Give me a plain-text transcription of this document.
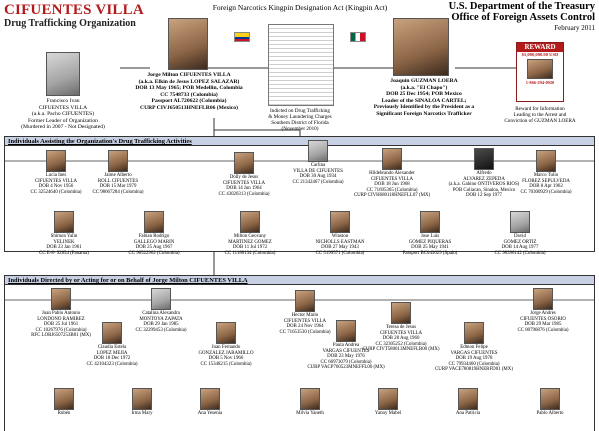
CIFUENTES VILLA
Drug Trafficking Organization
Foreign Narcotics Kingpin Designation Act (Kingpin Act)	U.S. Department of the Treasury
Office of Foreign Assets Control
February 2011
Francisco Ivan
CIFUENTES VILLA
(a.k.a. Pacho CIFUENTES)
Former Leader of Organization
(Murdered in 2007 - Not Designated)
Jorge Milton CIFUENTES VILLA
(a.k.a. Elkin de Jesus LOPEZ SALAZAR)
DOB 13 May 1965; POB Medellin, Colombia
CC 7548733 (Colombia)
Passport AL720622 (Colombia)
CURP CIVJ650513HNEFLR06 (Mexico)
Indicted on Drug Trafficking
& Money Laundering Charges
Southern District of Florida
(November 2010)
Joaquin GUZMAN LOERA
(a.k.a. "El Chapo")
DOB 25 Dec 1954; POB Mexico
Leader of the SINALOA CARTEL;
Previously Identified by the President as a
Significant Foreign Narcotics Trafficker
REWARD
$5,000,000.00 USD
1-866-294-0920
Reward for Information
Leading to the Arrest and
Conviction of GUZMAN LOERA
Individuals Assisting the Organization's Drug Trafficking Activities
Lucia Ines
CIFUENTES VILLA
DOB 4 Nov 1956
CC 32524640 (Colombia)
Jaime Alberto
ROLL CIFUENTES
DOB 15 Mar 1979
CC 98667284 (Colombia)
Dolly de Jesus
CIFUENTES VILLA
DOB 14 Jun 1964
CC 43020313 (Colombia)
Carlina
VILLA DE CIFUENTES
DOB 30 Aug 1934
CC 21342467 (Colombia)
Hildebrando Alexander
CIFUENTES VILLA
DOB 18 Jun 1968
CC 71695365 (Colombia)
CURP CIVH680118HNEFLL07 (MX)
Alfredo
ALVAREZ ZEPEDA
(a.k.a. Gabino ONTIVEROS RIOS)
POB Culiacan, Sinaloa, Mexico
DOB 12 Sep 1977
Marco Tulio
FLOREZ SEPULVEDA
DOB 8 Apr 1962
CC 70300929 (Colombia)
Shimon Yalin
YELINEK
DOB 23 Jan 1961
CC E-8- 92854 (Panama)
Fabian Rodrigo
GALLEGO MARIN
DOB 25 Aug 1967
CC 98522962 (Colombia)
Milton Geovany
MARTINEZ GOMEZ
DOB 11 Jul 1972
CC 11186134 (Colombia)
Winston
NICHOLLS EASTMAN
DOB 27 May 1943
CC 5199571 (Colombia)
Jose Luis
GOMEZ PIQUERAS
DOB 25 May 1941
Passport BC043629 (Spain)
David
GOMEZ ORTIZ
DOB 14 Aug 1977
CC 98396142 (Colombia)
Individuals Directed by or Acting for or on Behalf of Jorge Milton CIFUENTES VILLA
Juan Pablo Antonio
LONDONO RAMIREZ
DOB 25 Jul 1961
CC 10267976 (Colombia)
RFC LORJ6507253B81 (MX)
Catalina Alexandra
MONTOYA ZAPATA
DOB 29 Jan 1985
CC 32299453 (Colombia)
Hector Mario
CIFUENTES VILLA
DOB 24 Nov 1964
CC 71653530 (Colombia)
Teresa de Jesus
CIFUENTES VILLA
DOB 28 Aug 1960
CC 32305252 (Colombia)
CURP CIVT580613MNEFLR00 (MX)
Jorge Andres
CIFUENTES OSORIO
DOB 29 Mar 1985
CC 80796876 (Colombia)
Claudia Estela
LOPEZ MEJIA
DOB 18 Dec 1972
CC 42104323 (Colombia)
Juan Fernando
GONZALEZ JARAMILLO
DOB 5 Nov 1966
CC 15348215 (Colombia)
Paula Andrea
VARGAS CIFUENTES
DOB 23 May 1976
CC 66973079 (Colombia)
CURP VACP760523MNEFFL00 (MX)
Edmon Felipe
VARGAS CIFUENTES
DOB 19 Aug 1978
CC 79934460 (Colombia)
CURP VACE780819HNERFD01 (MX)
Rubén	Irma Mary	Ana Yesenia	Milvia Yaneth	Yanny Mabel	Ana Patricia	Pablo Alberto
